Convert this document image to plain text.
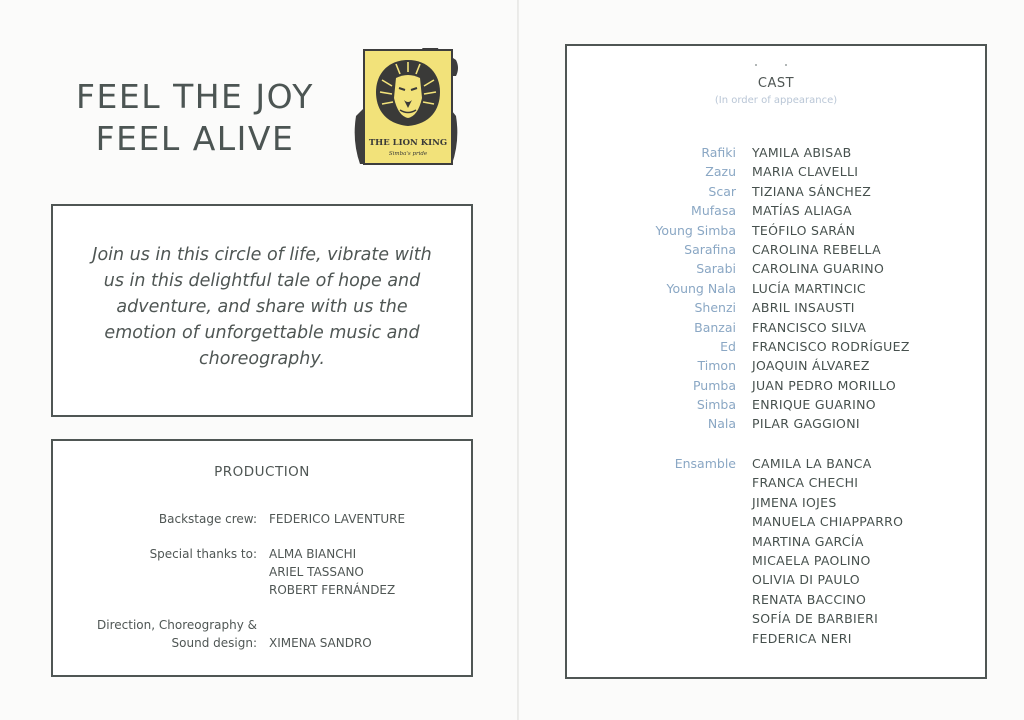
FEEL THE JOY
FEEL ALIVE	THE LION KING
Simba's pride
Join us in this circle of life, vibrate with us in this delightful tale of hope and adventure, and share with us the emotion of unforgettable music and choreography.
PRODUCTION
Backstage crew: FEDERICO LAVENTURE
Special thanks to: ALMA BIANCHI
ARIEL TASSANO
ROBERT FERNÁNDEZ
Direction, Choreography &
Sound design: XIMENA SANDRO
CAST
(In order of appearance)
Rafiki YAMILA ABISAB
Zazu MARIA CLAVELLI
Scar TIZIANA SÁNCHEZ
Mufasa MATÍAS ALIAGA
Young Simba TEÓFILO SARÁN
Sarafina CAROLINA REBELLA
Sarabi CAROLINA GUARINO
Young Nala LUCÍA MARTINCIC
Shenzi ABRIL INSAUSTI
Banzai FRANCISCO SILVA
Ed FRANCISCO RODRÍGUEZ
Timon JOAQUIN ÁLVAREZ
Pumba JUAN PEDRO MORILLO
Simba ENRIQUE GUARINO
Nala PILAR GAGGIONI
Ensamble CAMILA LA BANCA
FRANCA CHECHI
JIMENA IOJES
MANUELA CHIAPPARRO
MARTINA GARCÍA
MICAELA PAOLINO
OLIVIA DI PAULO
RENATA BACCINO
SOFÍA DE BARBIERI
FEDERICA NERI
